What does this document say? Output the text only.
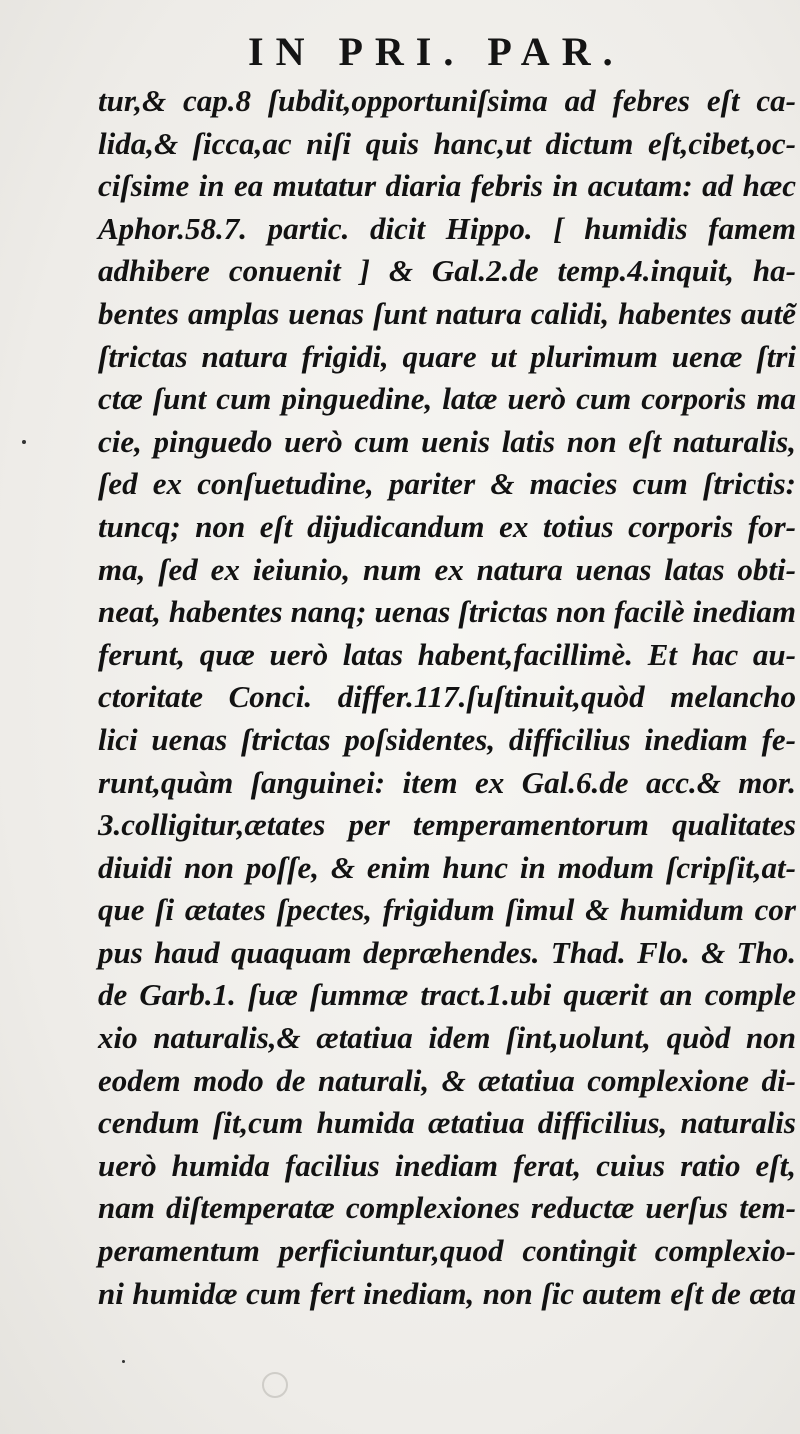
IN PRI. PAR.
tur,& cap.8 ſubdit,opportuniſsima ad febres eſt ca-
lida,& ſicca,ac niſi quis hanc,ut dictum eſt,cibet,oc-
ciſsime in ea mutatur diaria febris in acutam: ad hæc
Aphor.58.7. partic. dicit Hippo. [ humidis famem
adhibere conuenit ] & Gal.2.de temp.4.inquit, ha-
bentes amplas uenas ſunt natura calidi, habentes autẽ
ſtrictas natura frigidi, quare ut plurimum uenæ ſtri
ctæ ſunt cum pinguedine, latæ uerò cum corporis ma
cie, pinguedo uerò cum uenis latis non eſt naturalis,
ſed ex conſuetudine, pariter & macies cum ſtrictis:
tuncq; non eſt dijudicandum ex totius corporis for-
ma, ſed ex ieiunio, num ex natura uenas latas obti-
neat, habentes nanq; uenas ſtrictas non facilè inediam
ferunt, quæ uerò latas habent,facillimè. Et hac au-
ctoritate Conci. differ.117.ſuſtinuit,quòd melancho
lici uenas ſtrictas poſsidentes, difficilius inediam fe-
runt,quàm ſanguinei: item ex Gal.6.de acc.& mor.
3.colligitur,ætates per temperamentorum qualitates
diuidi non poſſe, & enim hunc in modum ſcripſit,at-
que ſi ætates ſpectes, frigidum ſimul & humidum cor
pus haud quaquam depræhendes. Thad. Flo. & Tho.
de Garb.1. ſuæ ſummæ tract.1.ubi quærit an comple
xio naturalis,& ætatiua idem ſint,uolunt, quòd non
eodem modo de naturali, & ætatiua complexione di-
cendum ſit,cum humida ætatiua difficilius, naturalis
uerò humida facilius inediam ferat, cuius ratio eſt,
nam diſtemperatæ complexiones reductæ uerſus tem-
peramentum perficiuntur,quod contingit complexio-
ni humidæ cum fert inediam, non ſic autem eſt de æta
